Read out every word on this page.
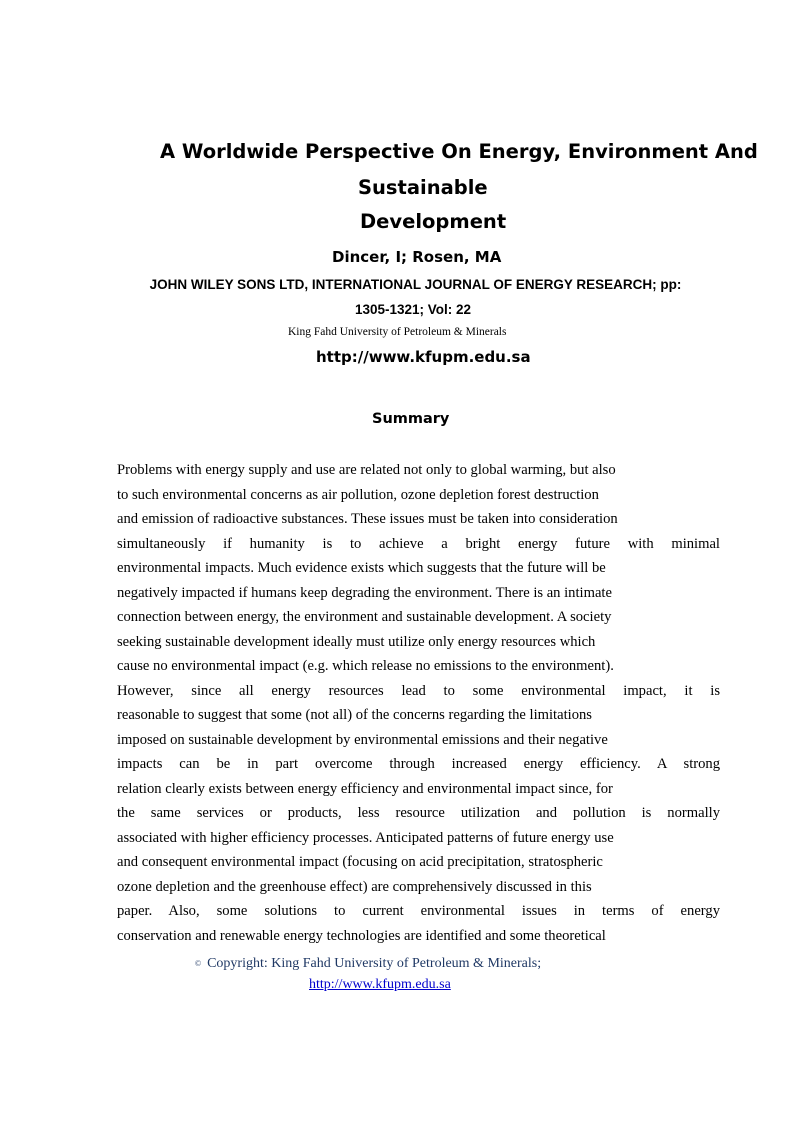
A Worldwide Perspective On Energy, Environment And
Sustainable
Development
Dincer, I; Rosen, MA
JOHN WILEY SONS LTD, INTERNATIONAL JOURNAL OF ENERGY RESEARCH; pp:
1305-1321; Vol: 22
King Fahd University of Petroleum & Minerals
http://www.kfupm.edu.sa
Summary
Problems with energy supply and use are related not only to global warming, but also
to such environmental concerns as air pollution, ozone depletion forest destruction
and emission of radioactive substances. These issues must be taken into consideration
simultaneously if humanity is to achieve a bright energy future with minimal
environmental impacts. Much evidence exists which suggests that the future will be
negatively impacted if humans keep degrading the environment. There is an intimate
connection between energy, the environment and sustainable development. A society
seeking sustainable development ideally must utilize only energy resources which
cause no environmental impact (e.g. which release no emissions to the environment).
However, since all energy resources lead to some environmental impact, it is
reasonable to suggest that some (not all) of the concerns regarding the limitations
imposed on sustainable development by environmental emissions and their negative
impacts can be in part overcome through increased energy efficiency. A strong
relation clearly exists between energy efficiency and environmental impact since, for
the same services or products, less resource utilization and pollution is normally
associated with higher efficiency processes. Anticipated patterns of future energy use
and consequent environmental impact (focusing on acid precipitation, stratospheric
ozone depletion and the greenhouse effect) are comprehensively discussed in this
paper. Also, some solutions to current environmental issues in terms of energy
conservation and renewable energy technologies are identified and some theoretical
© Copyright: King Fahd University of Petroleum & Minerals;
http://www.kfupm.edu.sa
